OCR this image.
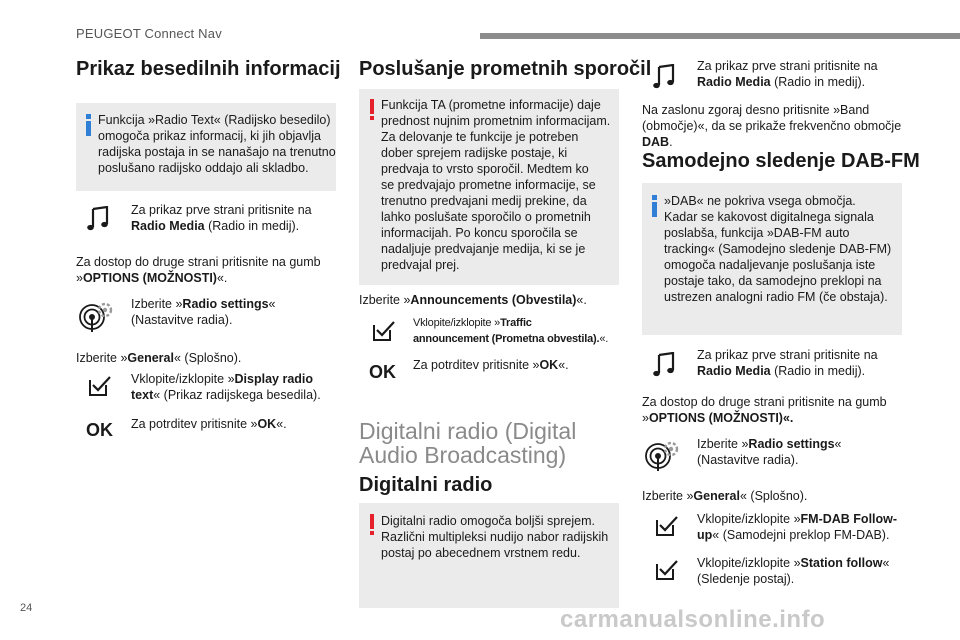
PEUGEOT Connect Nav
Prikaz besedilnih informacij
Funkcija »Radio Text« (Radijsko besedilo)
omogoča prikaz informacij, ki jih objavlja
radijska postaja in se nanašajo na trenutno
poslušano radijsko oddajo ali skladbo.
Za prikaz prve strani pritisnite na
Radio Media (Radio in medij).
Za dostop do druge strani pritisnite na gumb
»OPTIONS (MOŽNOSTI)«.
Izberite »Radio settings«
(Nastavitve radia).
Izberite »General« (Splošno).
Vklopite/izklopite »Display radio
text« (Prikaz radijskega besedila).
OK Za potrditev pritisnite »OK«.
Poslušanje prometnih sporočil
Funkcija TA (prometne informacije) daje
prednost nujnim prometnim informacijam.
Za delovanje te funkcije je potreben
dober sprejem radijske postaje, ki
predvaja to vrsto sporočil. Medtem ko
se predvajajo prometne informacije, se
trenutno predvajani medij prekine, da
lahko poslušate sporočilo o prometnih
informacijah. Po koncu sporočila se
nadaljuje predvajanje medija, ki se je
predvajal prej.
Izberite »Announcements (Obvestila)«.
Vklopite/izklopite »Traffic
announcement (Prometna obvestila).«.
OK Za potrditev pritisnite »OK«.
Digitalni radio (Digital
Audio Broadcasting)
Digitalni radio
Digitalni radio omogoča boljši sprejem.
Različni multipleksi nudijo nabor radijskih
postaj po abecednem vrstnem redu.
Za prikaz prve strani pritisnite na
Radio Media (Radio in medij).
Na zaslonu zgoraj desno pritisnite »Band
(območje)«, da se prikaže frekvenčno območje
DAB.
Samodejno sledenje DAB-FM
»DAB« ne pokriva vsega območja.
Kadar se kakovost digitalnega signala
poslabša, funkcija »DAB-FM auto
tracking« (Samodejno sledenje DAB-FM)
omogoča nadaljevanje poslušanja iste
postaje tako, da samodejno preklopi na
ustrezen analogni radio FM (če obstaja).
Za prikaz prve strani pritisnite na
Radio Media (Radio in medij).
Za dostop do druge strani pritisnite na gumb
»OPTIONS (MOŽNOSTI)«.
Izberite »Radio settings«
(Nastavitve radia).
Izberite »General« (Splošno).
Vklopite/izklopite »FM-DAB Follow-
up« (Samodejni preklop FM-DAB).
Vklopite/izklopite »Station follow«
(Sledenje postaj).
24	carmanualsonline.info
